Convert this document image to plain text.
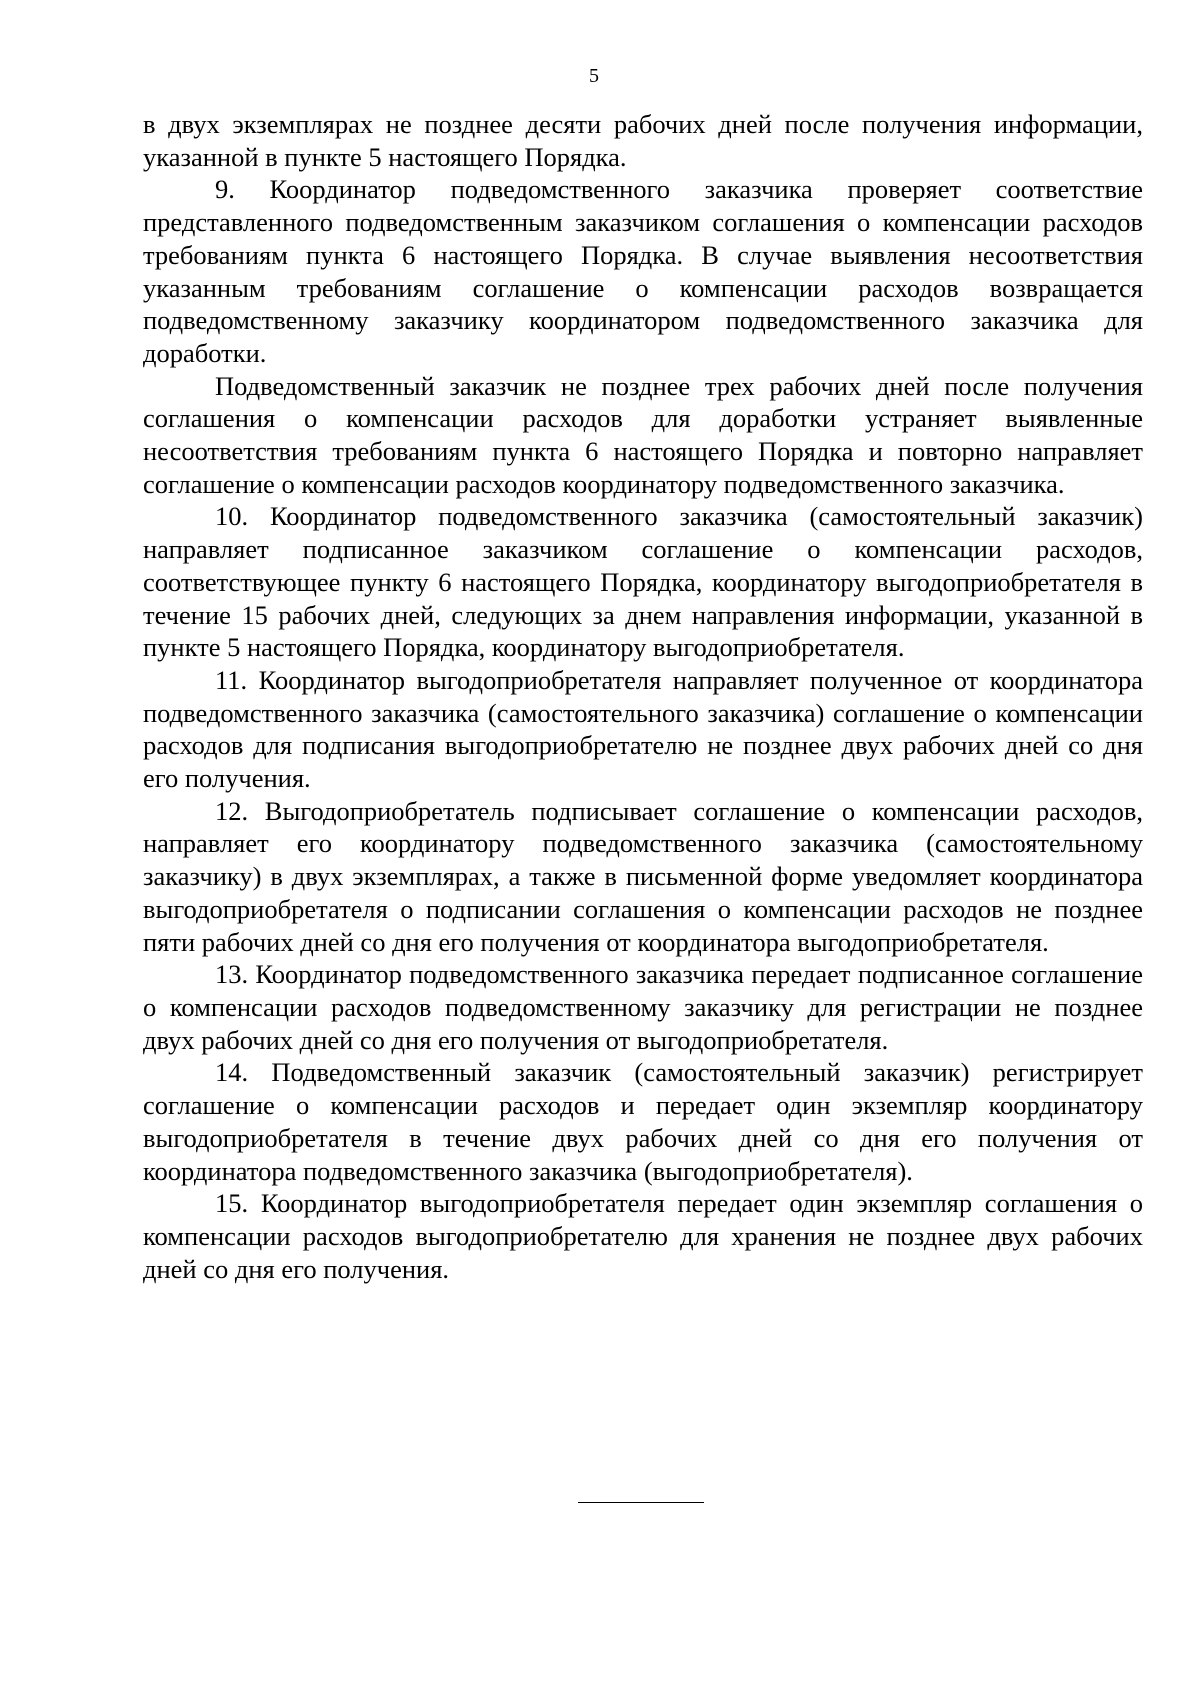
5

в двух экземплярах не позднее десяти рабочих дней после получения информации, указанной в пункте 5 настоящего Порядка.

9. Координатор подведомственного заказчика проверяет соответствие представленного подведомственным заказчиком соглашения о компенсации расходов требованиям пункта 6 настоящего Порядка. В случае выявления несоответствия указанным требованиям соглашение о компенсации расходов возвращается подведомственному заказчику координатором подведомственного заказчика для доработки.

Подведомственный заказчик не позднее трех рабочих дней после получения соглашения о компенсации расходов для доработки устраняет выявленные несоответствия требованиям пункта 6 настоящего Порядка и повторно направляет соглашение о компенсации расходов координатору подведомственного заказчика.

10. Координатор подведомственного заказчика (самостоятельный заказчик) направляет подписанное заказчиком соглашение о компенсации расходов, соответствующее пункту 6 настоящего Порядка, координатору выгодоприобретателя в течение 15 рабочих дней, следующих за днем направления информации, указанной в пункте 5 настоящего Порядка, координатору выгодоприобретателя.

11. Координатор выгодоприобретателя направляет полученное от координатора подведомственного заказчика (самостоятельного заказчика) соглашение о компенсации расходов для подписания выгодоприобретателю не позднее двух рабочих дней со дня его получения.

12. Выгодоприобретатель подписывает соглашение о компенсации расходов, направляет его координатору подведомственного заказчика (самостоятельному заказчику) в двух экземплярах, а также в письменной форме уведомляет координатора выгодоприобретателя о подписании соглашения о компенсации расходов не позднее пяти рабочих дней со дня его получения от координатора выгодоприобретателя.

13. Координатор подведомственного заказчика передает подписанное соглашение о компенсации расходов подведомственному заказчику для регистрации не позднее двух рабочих дней со дня его получения от выгодоприобретателя.

14. Подведомственный заказчик (самостоятельный заказчик) регистрирует соглашение о компенсации расходов и передает один экземпляр координатору выгодоприобретателя в течение двух рабочих дней со дня его получения от координатора подведомственного заказчика (выгодоприобретателя).

15. Координатор выгодоприобретателя передает один экземпляр соглашения о компенсации расходов выгодоприобретателю для хранения не позднее двух рабочих дней со дня его получения.
